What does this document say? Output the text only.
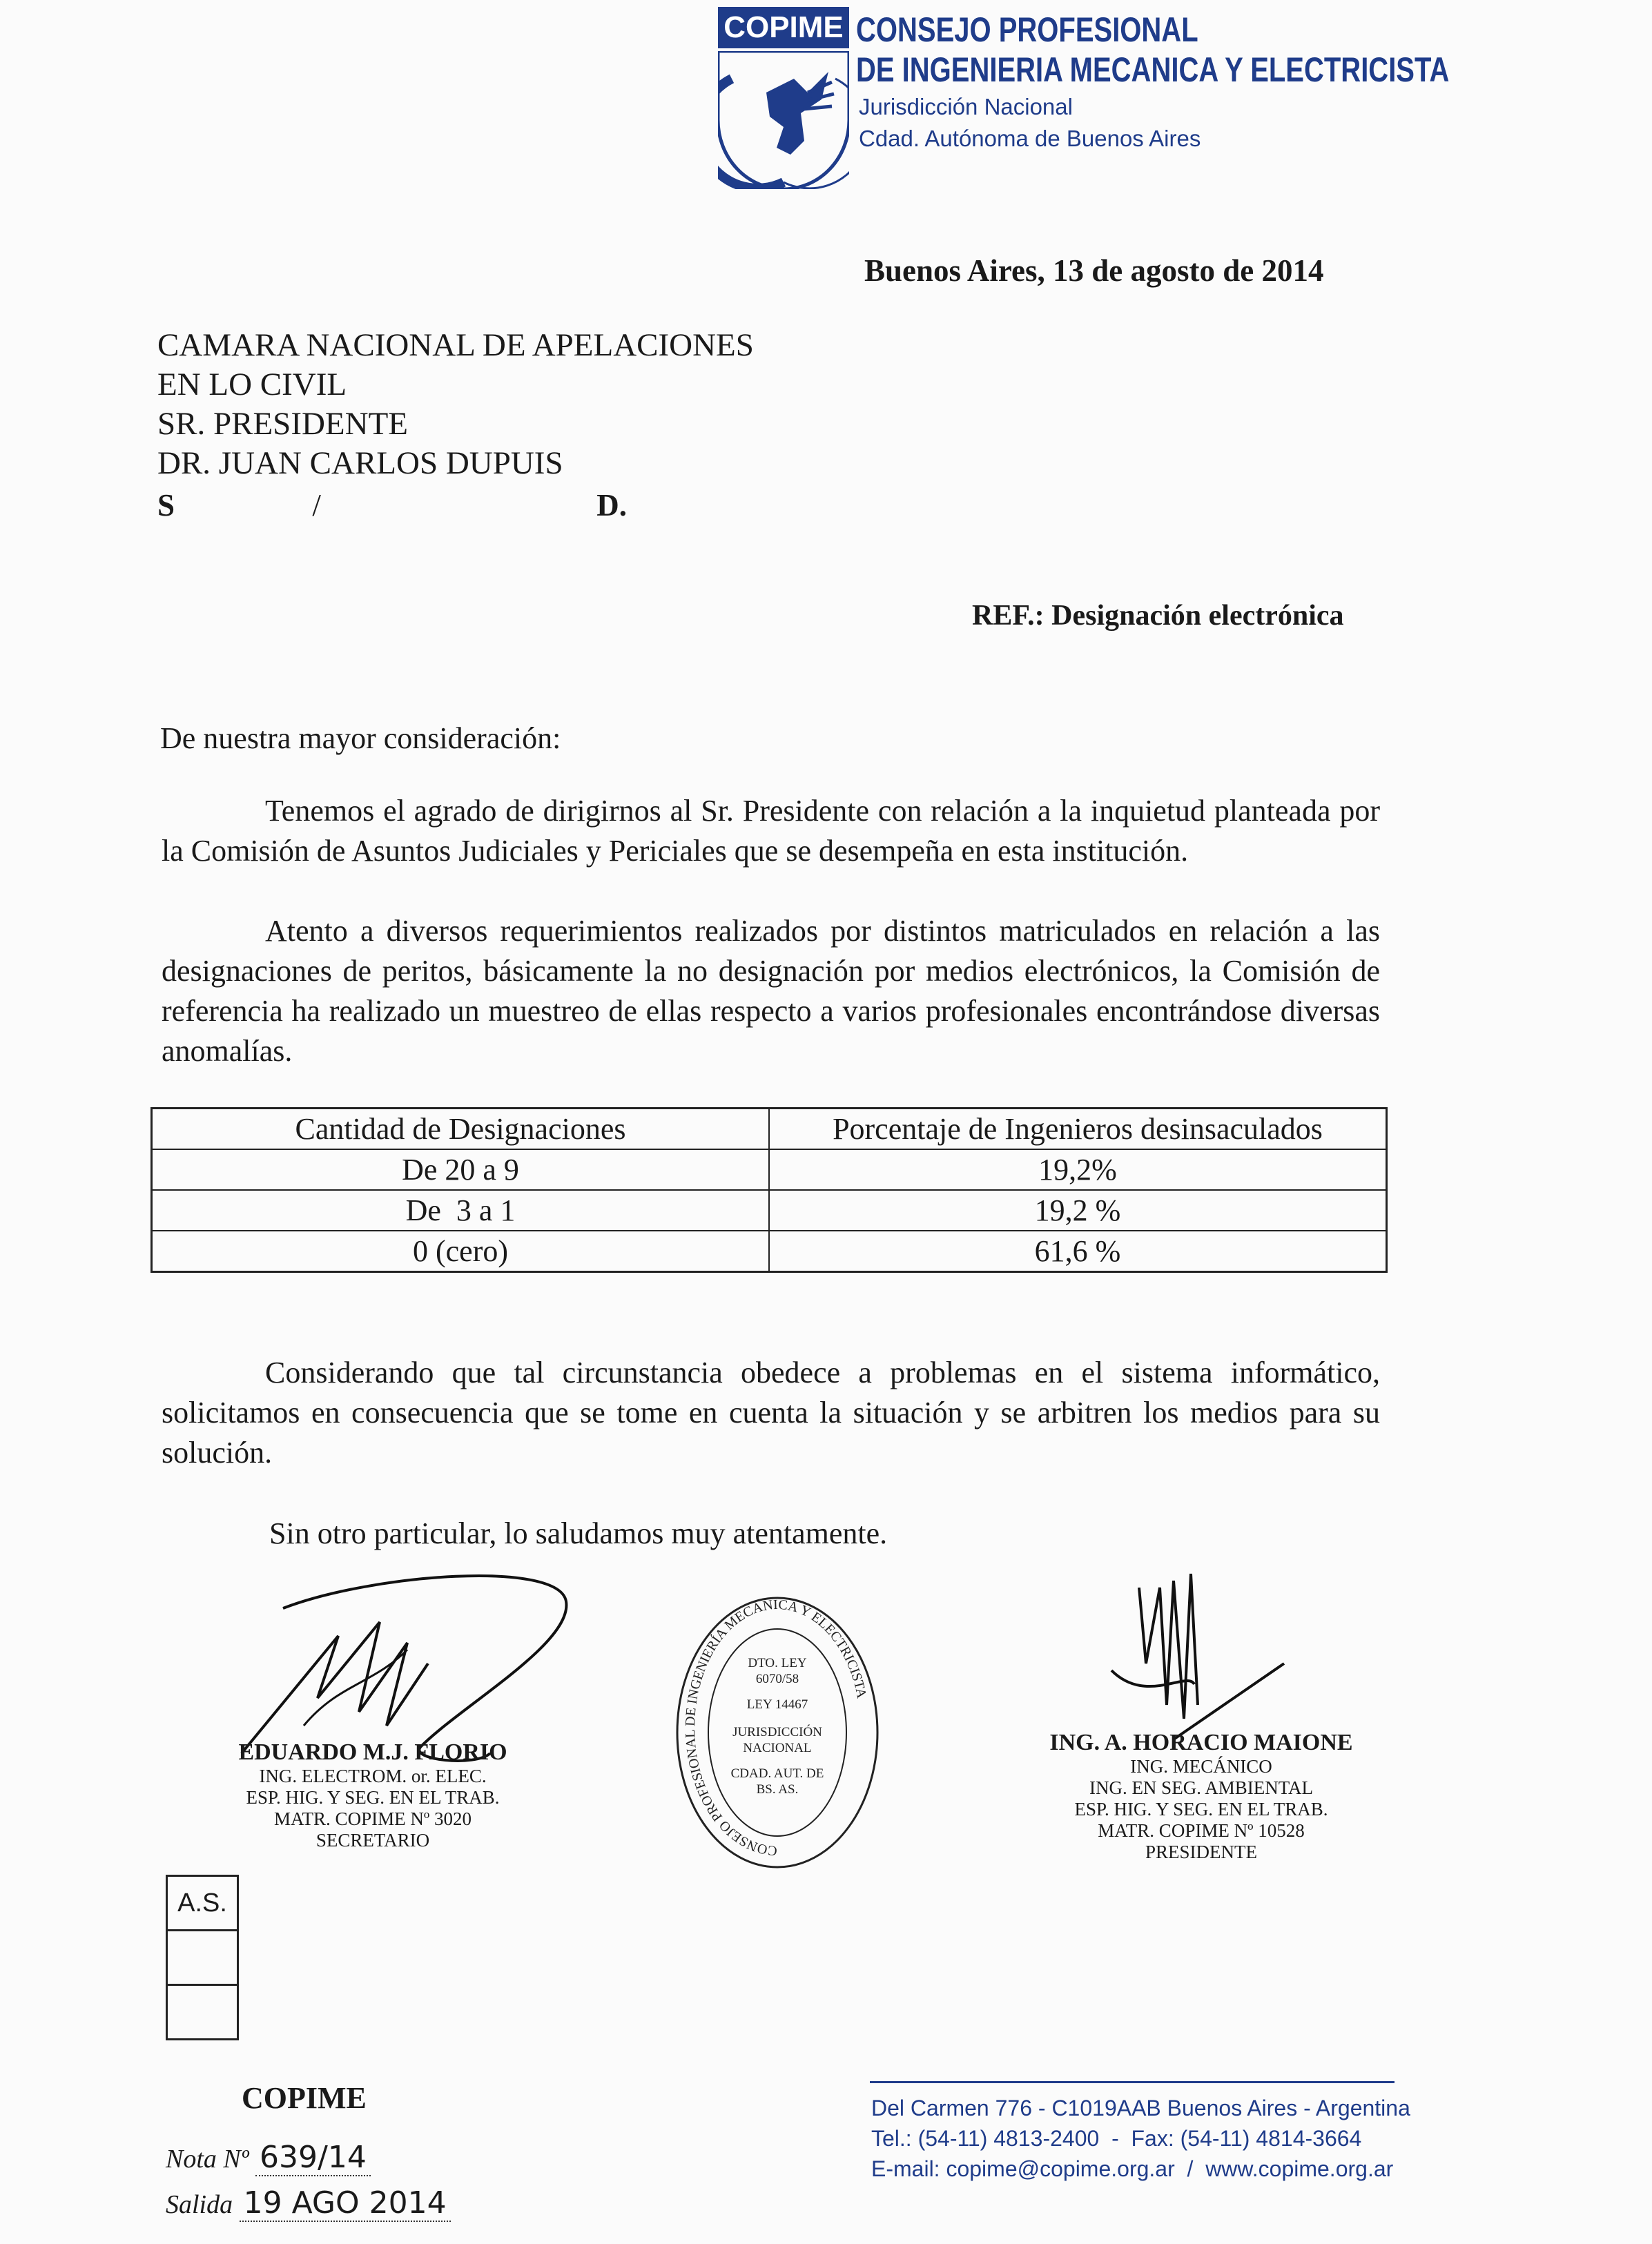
COPIME CONSEJO PROFESIONAL
DE INGENIERIA MECANICA Y ELECTRICISTA
Jurisdicción Nacional
Cdad. Autónoma de Buenos Aires
Buenos Aires, 13 de agosto de 2014
CAMARA NACIONAL DE APELACIONES
EN LO CIVIL
SR. PRESIDENTE
DR. JUAN CARLOS DUPUIS
S	/	D.
REF.: Designación electrónica
De nuestra mayor consideración:
Tenemos el agrado de dirigirnos al Sr. Presidente con relación a la inquietud planteada por la Comisión de Asuntos Judiciales y Periciales que se desempeña en esta institución.
Atento a diversos requerimientos realizados por distintos matriculados en relación a las designaciones de peritos, básicamente la no designación por medios electrónicos, la Comisión de referencia ha realizado un muestreo de ellas respecto a varios profesionales encontrándose diversas anomalías.
Cantidad de Designaciones	Porcentaje de Ingenieros desinsaculados
De 20 a 9	19,2%
De  3 a 1	19,2 %
0 (cero)	61,6 %
Considerando que tal circunstancia obedece a problemas en el sistema informático, solicitamos en consecuencia que se tome en cuenta la situación y se arbitren los medios para su solución.
Sin otro particular, lo saludamos muy atentamente.
EDUARDO M.J. FLORIO
ING. ELECTROM. or. ELEC.
ESP. HIG. Y SEG. EN EL TRAB.
MATR. COPIME Nº 3020
SECRETARIO
ING. A. HORACIO MAIONE
ING. MECÁNICO
ING. EN SEG. AMBIENTAL
ESP. HIG. Y SEG. EN EL TRAB.
MATR. COPIME Nº 10528
PRESIDENTE
CONSEJO PROFESIONAL DE INGENIERÍA MECÁNICA Y ELECTRICISTA
DTO. LEY
6070/58
LEY 14467
JURISDICCIÓN
NACIONAL
CDAD. AUT. DE
BS. AS.
A.S.
COPIME
Nota Nº 639/14
Salida 19 AGO 2014
Del Carmen 776 - C1019AAB Buenos Aires - Argentina
Tel.: (54-11) 4813-2400  -  Fax: (54-11) 4814-3664
E-mail: copime@copime.org.ar  /  www.copime.org.ar
